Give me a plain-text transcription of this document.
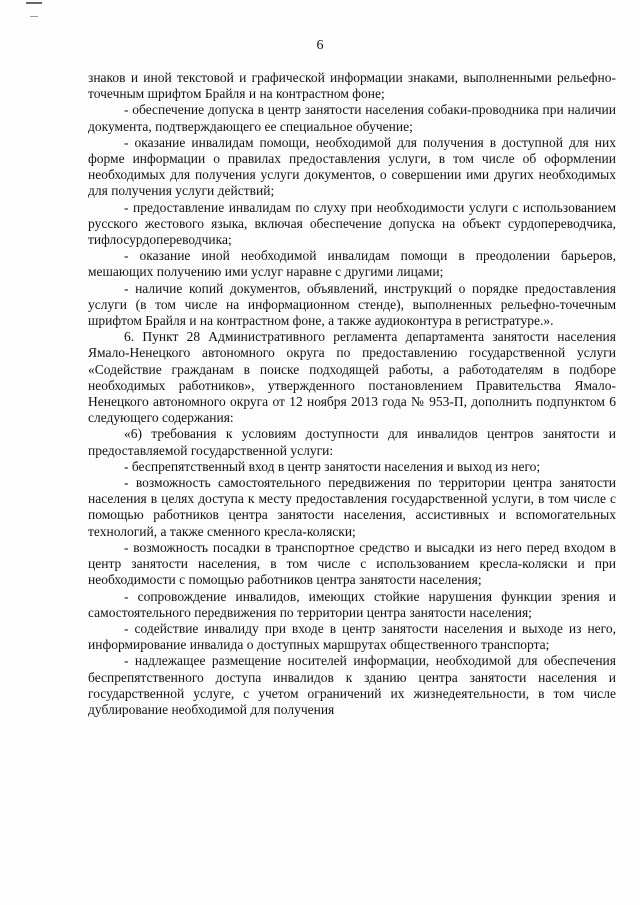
6

знаков и иной текстовой и графической информации знаками, выполненными рельефно-точечным шрифтом Брайля и на контрастном фоне;

- обеспечение допуска в центр занятости населения собаки-проводника при наличии документа, подтверждающего ее специальное обучение;

- оказание инвалидам помощи, необходимой для получения в доступной для них форме информации о правилах предоставления услуги, в том числе об оформлении необходимых для получения услуги документов, о совершении ими других необходимых для получения услуги действий;

- предоставление инвалидам по слуху при необходимости услуги с использованием русского жестового языка, включая обеспечение допуска на объект сурдопереводчика, тифлосурдопереводчика;

- оказание иной необходимой инвалидам помощи в преодолении барьеров, мешающих получению ими услуг наравне с другими лицами;

- наличие копий документов, объявлений, инструкций о порядке предоставления услуги (в том числе на информационном стенде), выполненных рельефно-точечным шрифтом Брайля и на контрастном фоне, а также аудиоконтура в регистратуре.».

6. Пункт 28 Административного регламента департамента занятости населения Ямало-Ненецкого автономного округа по предоставлению государственной услуги «Содействие гражданам в поиске подходящей работы, а работодателям в подборе необходимых работников», утвержденного постановлением Правительства Ямало-Ненецкого автономного округа от 12 ноября 2013 года № 953-П, дополнить подпунктом 6 следующего содержания:

«6) требования к условиям доступности для инвалидов центров занятости и предоставляемой государственной услуги:

- беспрепятственный вход в центр занятости населения и выход из него;

- возможность самостоятельного передвижения по территории центра занятости населения в целях доступа к месту предоставления государственной услуги, в том числе с помощью работников центра занятости населения, ассистивных и вспомогательных технологий, а также сменного кресла-коляски;

- возможность посадки в транспортное средство и высадки из него перед входом в центр занятости населения, в том числе с использованием кресла-коляски и при необходимости с помощью работников центра занятости населения;

- сопровождение инвалидов, имеющих стойкие нарушения функции зрения и самостоятельного передвижения по территории центра занятости населения;

- содействие инвалиду при входе в центр занятости населения и выходе из него, информирование инвалида о доступных маршрутах общественного транспорта;

- надлежащее размещение носителей информации, необходимой для обеспечения беспрепятственного доступа инвалидов к зданию центра занятости населения и государственной услуге, с учетом ограничений их жизнедеятельности, в том числе дублирование необходимой для получения
